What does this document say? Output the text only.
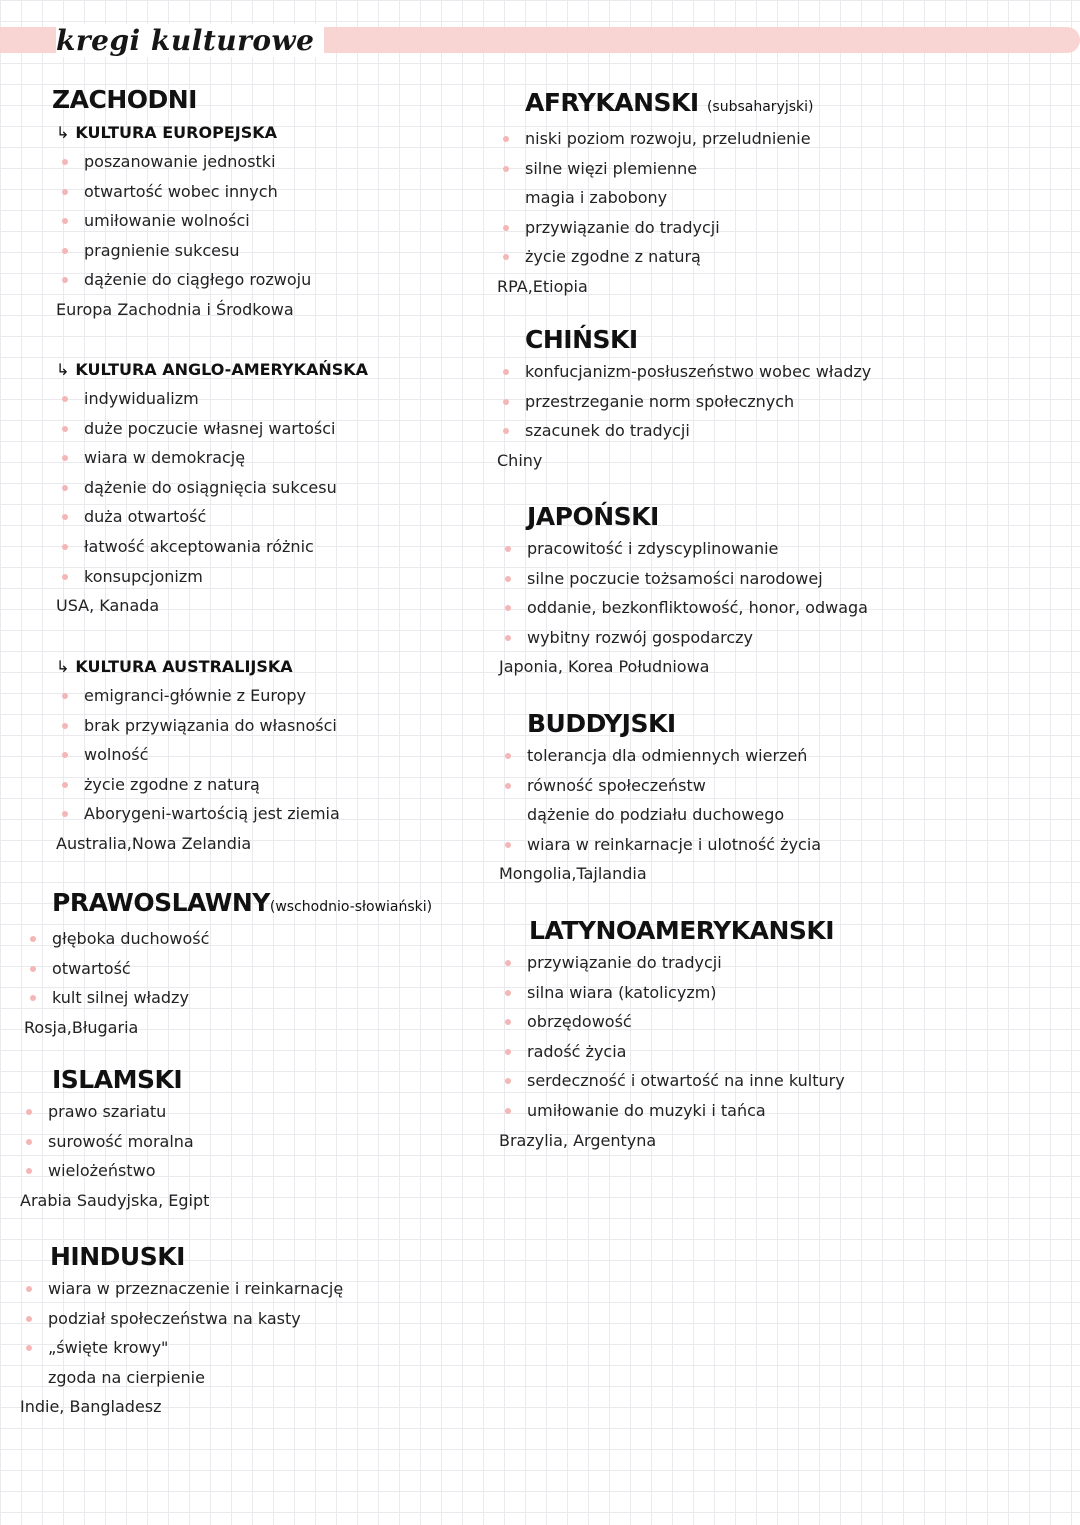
kregi kulturowe
ZACHODNI
↳ KULTURA EUROPEJSKA
poszanowanie jednostki
otwartość wobec innych
umiłowanie wolności
pragnienie sukcesu
dążenie do ciągłego rozwoju
Europa Zachodnia i Środkowa
↳ KULTURA ANGLO-AMERYKAŃSKA
indywidualizm
duże poczucie własnej wartości
wiara w demokrację
dążenie do osiągnięcia sukcesu
duża otwartość
łatwość akceptowania różnic
konsupcjonizm
USA, Kanada
↳ KULTURA AUSTRALIJSKA
emigranci-głównie z Europy
brak przywiązania do własności
wolność
życie zgodne z naturą
Aborygeni-wartością jest ziemia
Australia,Nowa Zelandia
PRAWOSLAWNY(wschodnio-słowiański)
głęboka duchowość
otwartość
kult silnej władzy
Rosja,Bługaria
ISLAMSKI
prawo szariatu
surowość moralna
wielożeństwo
Arabia Saudyjska, Egipt
HINDUSKI
wiara w przeznaczenie i reinkarnację
podział społeczeństwa na kasty
„święte krowy"
zgoda na cierpienie
Indie, Bangladesz
AFRYKANSKI (subsaharyjski)
niski poziom rozwoju, przeludnienie
silne więzi plemienne
magia i zabobony
przywiązanie do tradycji
życie zgodne z naturą
RPA,Etiopia
CHIŃSKI
konfucjanizm-posłuszeństwo wobec władzy
przestrzeganie norm społecznych
szacunek do tradycji
Chiny
JAPOŃSKI
pracowitość i zdyscyplinowanie
silne poczucie tożsamości narodowej
oddanie, bezkonfliktowość, honor, odwaga
wybitny rozwój gospodarczy
Japonia, Korea Południowa
BUDDYJSKI
tolerancja dla odmiennych wierzeń
równość społeczeństw
dążenie do podziału duchowego
wiara w reinkarnacje i ulotność życia
Mongolia,Tajlandia
LATYNOAMERYKANSKI
przywiązanie do tradycji
silna wiara (katolicyzm)
obrzędowość
radość życia
serdeczność i otwartość na inne kultury
umiłowanie do muzyki i tańca
Brazylia, Argentyna
